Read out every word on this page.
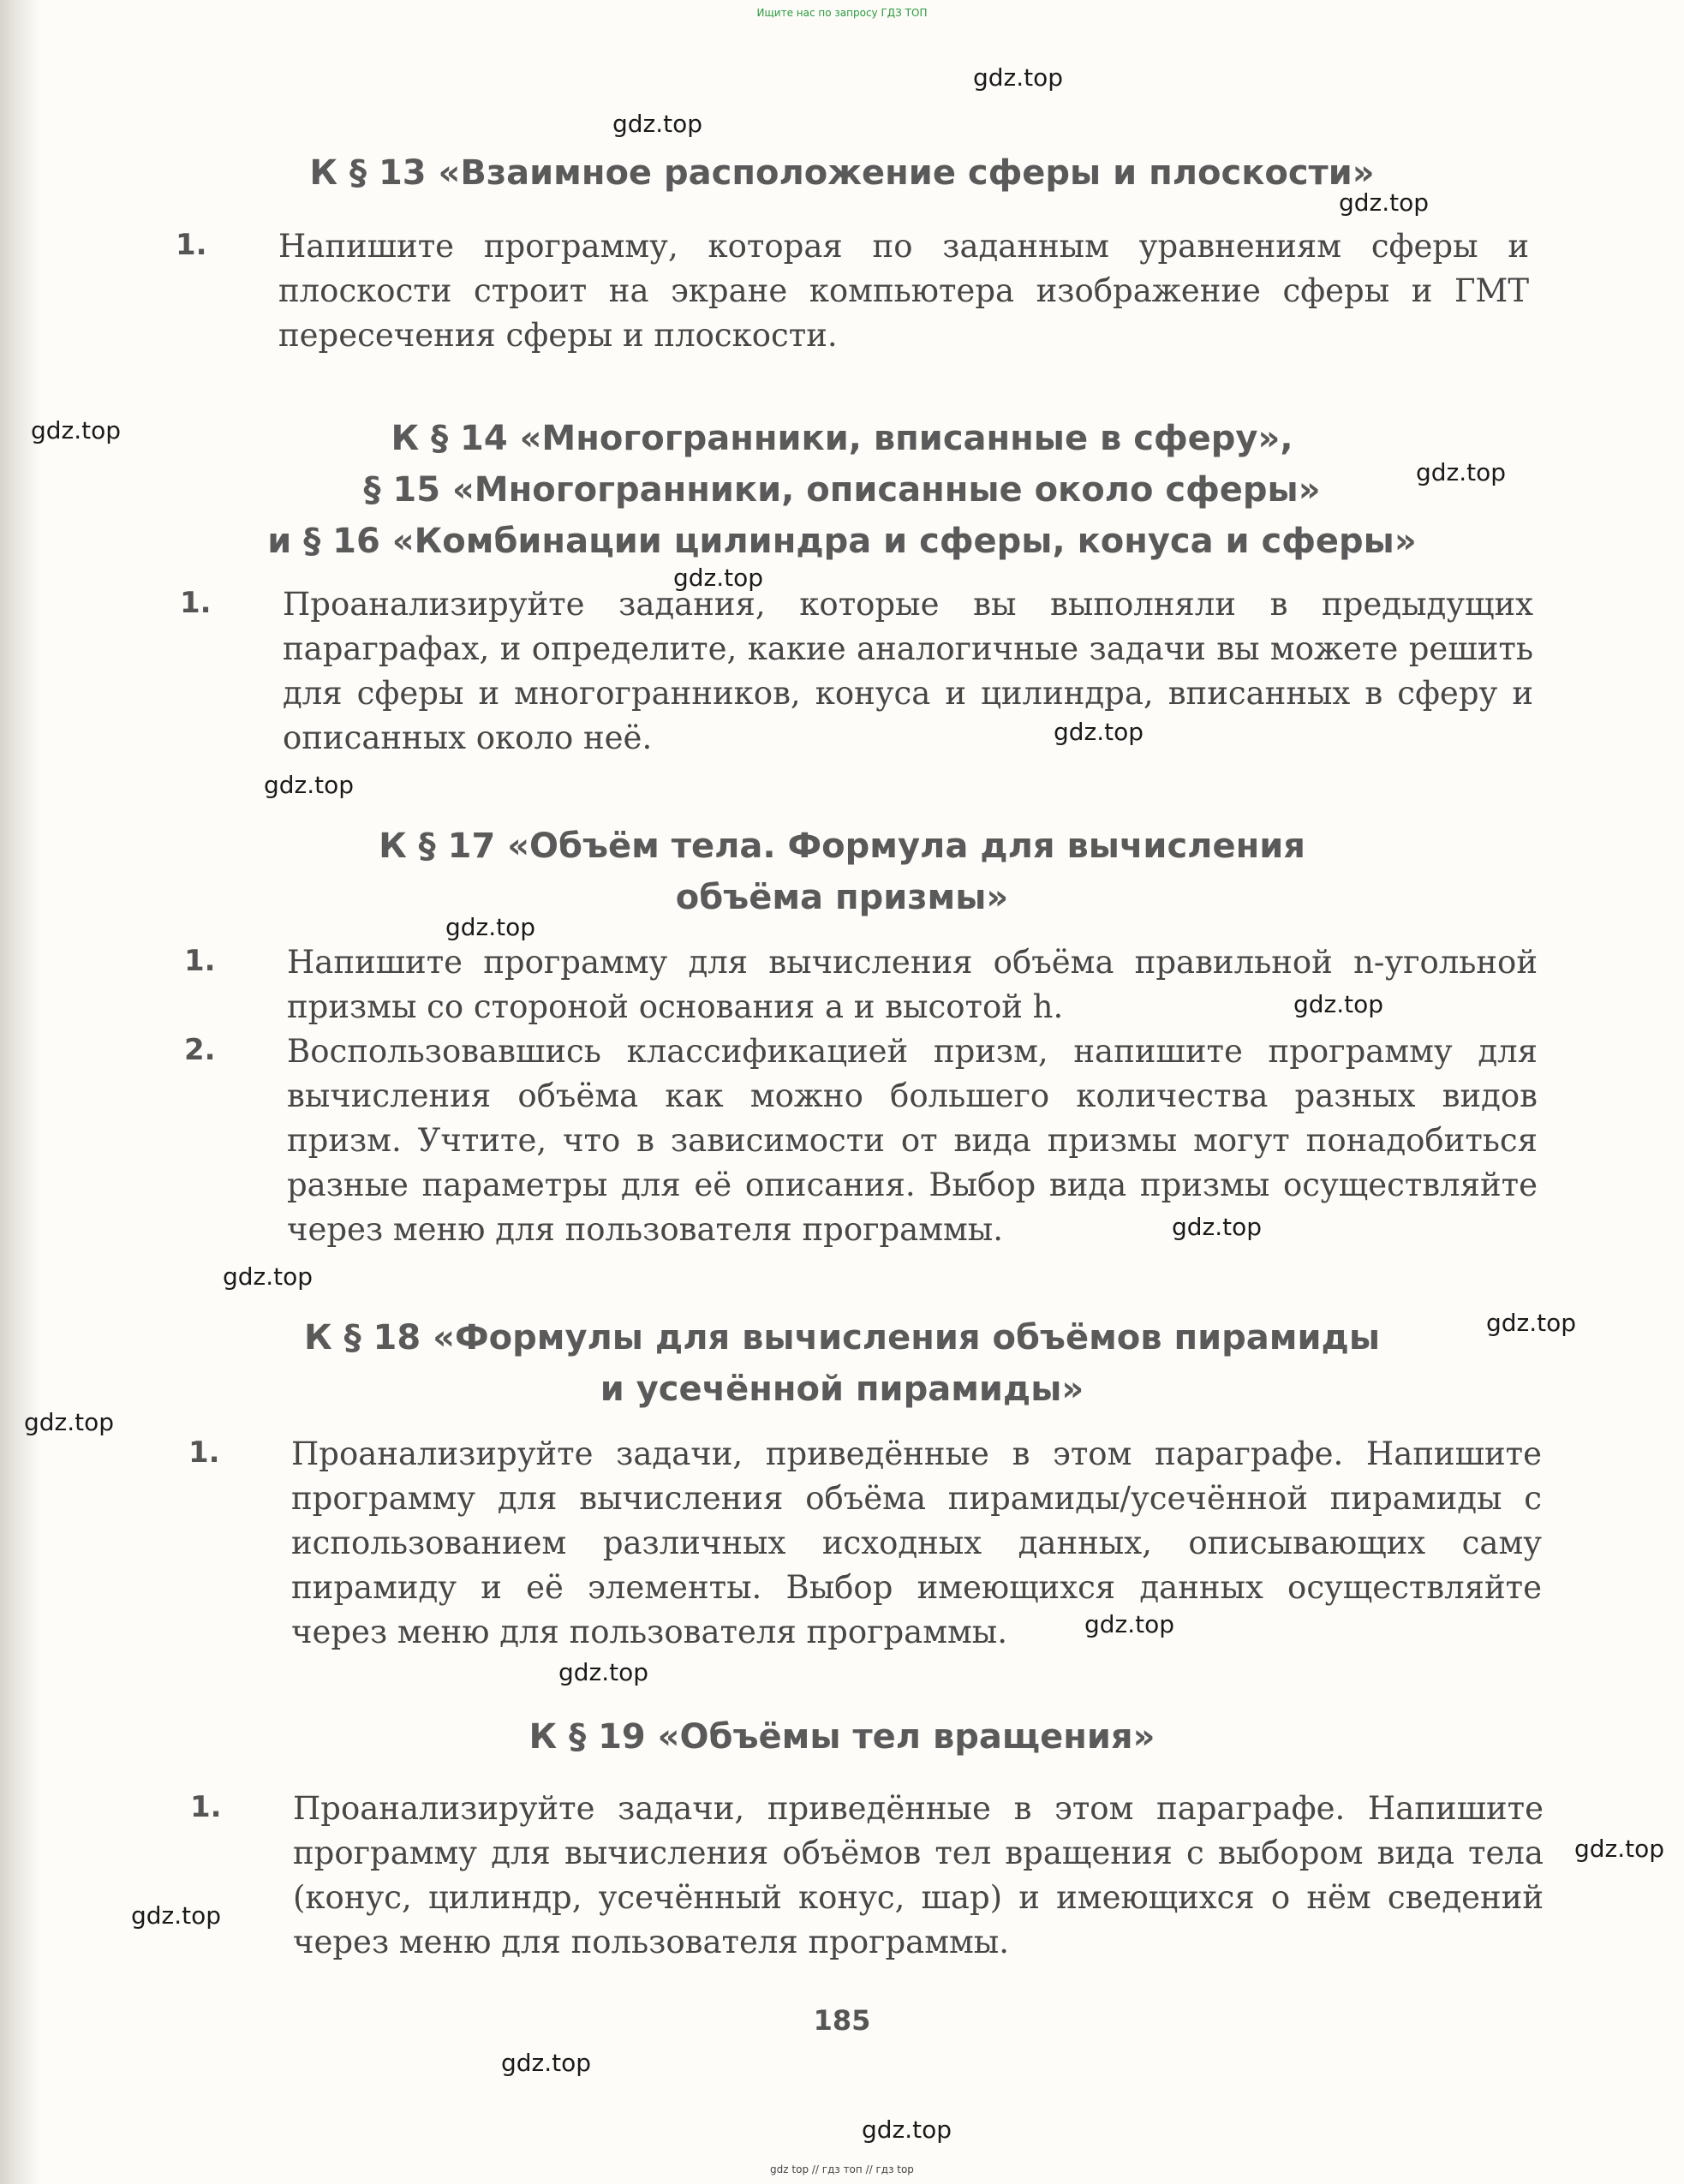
Ищите нас по запросу ГДЗ ТОП
К § 13 «Взаимное расположение сферы и плоскости»
1. Напишите программу, которая по заданным уравнениям сферы и плоскости строит на экране компьютера изображение сферы и ГМТ пересечения сферы и плоскости.
К § 14 «Многогранники, вписанные в сферу»,
§ 15 «Многогранники, описанные около сферы»
и § 16 «Комбинации цилиндра и сферы, конуса и сферы»
1. Проанализируйте задания, которые вы выполняли в предыдущих параграфах, и определите, какие аналогичные задачи вы можете решить для сферы и многогранников, конуса и цилиндра, вписанных в сферу и описанных около неё.
К § 17 «Объём тела. Формула для вычисления
объёма призмы»
1. Напишите программу для вычисления объёма правильной n-угольной призмы со стороной основания a и высотой h.
2. Воспользовавшись классификацией призм, напишите программу для вычисления объёма как можно большего количества разных видов призм. Учтите, что в зависимости от вида призмы могут понадобиться разные параметры для её описания. Выбор вида призмы осуществляйте через меню для пользователя программы.
К § 18 «Формулы для вычисления объёмов пирамиды
и усечённой пирамиды»
1. Проанализируйте задачи, приведённые в этом параграфе. Напишите программу для вычисления объёма пирамиды/усечённой пирамиды с использованием различных исходных данных, описывающих саму пирамиду и её элементы. Выбор имеющихся данных осуществляйте через меню для пользователя программы.
К § 19 «Объёмы тел вращения»
1. Проанализируйте задачи, приведённые в этом параграфе. Напишите программу для вычисления объёмов тел вращения с выбором вида тела (конус, цилиндр, усечённый конус, шар) и имеющихся о нём сведений через меню для пользователя программы.
185
gdz top // гдз топ // гдз top
gdz.top
gdz.top
gdz.top
gdz.top
gdz.top
gdz.top
gdz.top
gdz.top
gdz.top
gdz.top
gdz.top
gdz.top
gdz.top
gdz.top
gdz.top
gdz.top
gdz.top
gdz.top
gdz.top
gdz.top
